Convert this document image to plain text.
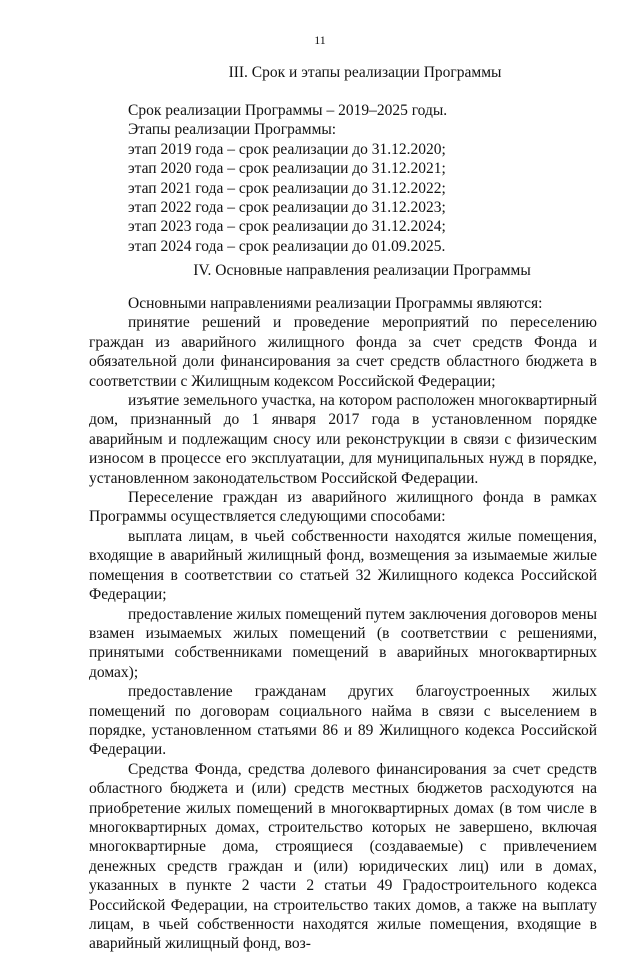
11
III. Срок и этапы реализации Программы
Срок реализации Программы – 2019–2025 годы.
Этапы реализации Программы:
этап 2019 года – срок реализации до 31.12.2020;
этап 2020 года – срок реализации до 31.12.2021;
этап 2021 года – срок реализации до 31.12.2022;
этап 2022 года – срок реализации до 31.12.2023;
этап 2023 года – срок реализации до 31.12.2024;
этап 2024 года – срок реализации до 01.09.2025.
IV. Основные направления реализации Программы
Основными направлениями реализации Программы являются:
принятие решений и проведение мероприятий по переселению граждан из аварийного жилищного фонда за счет средств Фонда и обязательной доли финансирования за счет средств областного бюджета в соответствии с Жилищным кодексом Российской Федерации;
изъятие земельного участка, на котором расположен многоквартирный дом, признанный до 1 января 2017 года в установленном порядке аварийным и подлежащим сносу или реконструкции в связи с физическим износом в процессе его эксплуатации, для муниципальных нужд в порядке, установленном законодательством Российской Федерации.
Переселение граждан из аварийного жилищного фонда в рамках Программы осуществляется следующими способами:
выплата лицам, в чьей собственности находятся жилые помещения, входящие в аварийный жилищный фонд, возмещения за изымаемые жилые помещения в соответствии со статьей 32 Жилищного кодекса Российской Федерации;
предоставление жилых помещений путем заключения договоров мены взамен изымаемых жилых помещений (в соответствии с решениями, принятыми собственниками помещений в аварийных многоквартирных домах);
предоставление гражданам других благоустроенных жилых помещений по договорам социального найма в связи с выселением в порядке, установленном статьями 86 и 89 Жилищного кодекса Российской Федерации.
Средства Фонда, средства долевого финансирования за счет средств областного бюджета и (или) средств местных бюджетов расходуются на приобретение жилых помещений в многоквартирных домах (в том числе в многоквартирных домах, строительство которых не завершено, включая многоквартирные дома, строящиеся (создаваемые) с привлечением денежных средств граждан и (или) юридических лиц) или в домах, указанных в пункте 2 части 2 статьи 49 Градостроительного кодекса Российской Федерации, на строительство таких домов, а также на выплату лицам, в чьей собственности находятся жилые помещения, входящие в аварийный жилищный фонд, воз-
